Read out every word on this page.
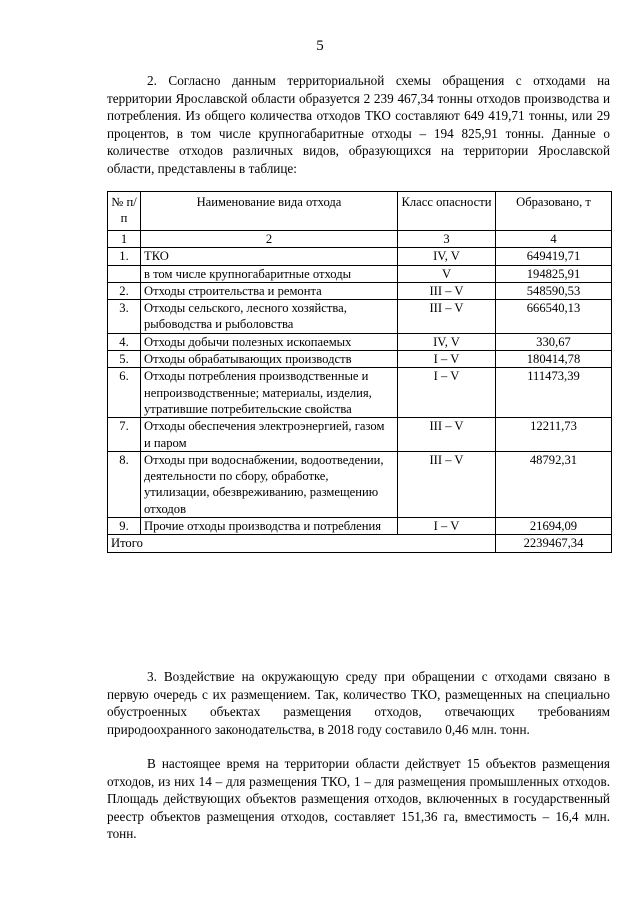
5

2. Согласно данным территориальной схемы обращения с отходами на территории Ярославской области образуется 2 239 467,34 тонны отходов производства и потребления. Из общего количества отходов ТКО составляют 649 419,71 тонны, или 29 процентов, в том числе крупногабаритные отходы – 194 825,91 тонны. Данные о количестве отходов различных видов, образующихся на территории Ярославской области, представлены в таблице:

№ п/п	Наименование вида отхода	Класс опасности	Образовано, т
1	2	3	4
1.	ТКО	IV, V	649419,71
	в том числе крупногабаритные отходы	V	194825,91
2.	Отходы строительства и ремонта	III – V	548590,53
3.	Отходы сельского, лесного хозяйства, рыбоводства и рыболовства	III – V	666540,13
4.	Отходы добычи полезных ископаемых	IV, V	330,67
5.	Отходы обрабатывающих производств	I – V	180414,78
6.	Отходы потребления производственные и непроизводственные; материалы, изделия, утратившие потребительские свойства	I – V	111473,39
7.	Отходы обеспечения электроэнергией, газом и паром	III – V	12211,73
8.	Отходы при водоснабжении, водоотведении, деятельности по сбору, обработке, утилизации, обезвреживанию, размещению отходов	III – V	48792,31
9.	Прочие отходы производства и потребления	I – V	21694,09
Итого			2239467,34

3. Воздействие на окружающую среду при обращении с отходами связано в первую очередь с их размещением. Так, количество ТКО, размещенных на специально обустроенных объектах размещения отходов, отвечающих требованиям природоохранного законодательства, в 2018 году составило 0,46 млн. тонн.

В настоящее время на территории области действует 15 объектов размещения отходов, из них 14 – для размещения ТКО, 1 – для размещения промышленных отходов. Площадь действующих объектов размещения отходов, включенных в государственный реестр объектов размещения отходов, составляет 151,36 га, вместимость – 16,4 млн. тонн.
